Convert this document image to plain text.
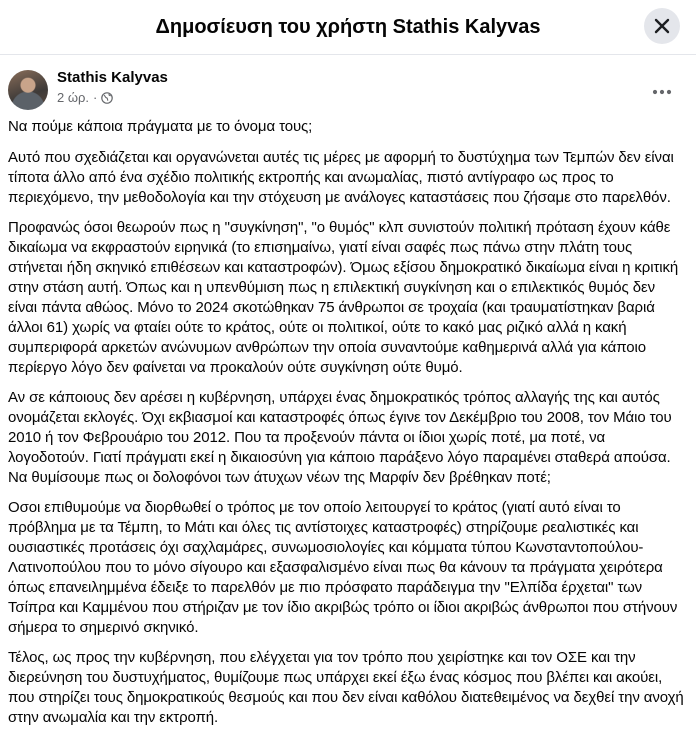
Δημοσίευση του χρήστη Stathis Kalyvas
Stathis Kalyvas
2 ώρ. ·

Να πούμε κάποια πράγματα με το όνομα τους;

Αυτό που σχεδιάζεται και οργανώνεται αυτές τις μέρες με αφορμή το δυστύχημα των Τεμπών δεν είναι τίποτα άλλο από ένα σχέδιο πολιτικής εκτροπής και ανωμαλίας, πιστό αντίγραφο ως προς το περιεχόμενο, την μεθοδολογία και την στόχευση με ανάλογες καταστάσεις που ζήσαμε στο παρελθόν.

Προφανώς όσοι θεωρούν πως η "συγκίνηση", "ο θυμός" κλπ συνιστούν πολιτική πρόταση έχουν κάθε δικαίωμα να εκφραστούν ειρηνικά (το επισημαίνω, γιατί είναι σαφές πως πάνω στην πλάτη τους στήνεται ήδη σκηνικό επιθέσεων και καταστροφών). Όμως εξίσου δημοκρατικό δικαίωμα είναι η κριτική στην στάση αυτή. Όπως και η υπενθύμιση πως η επιλεκτική συγκίνηση και ο επιλεκτικός θυμός δεν είναι πάντα αθώος. Μόνο το 2024 σκοτώθηκαν 75 άνθρωποι σε τροχαία (και τραυματίστηκαν βαριά άλλοι 61) χωρίς να φταίει ούτε το κράτος, ούτε οι πολιτικοί, ούτε το κακό μας ριζικό αλλά η κακή συμπεριφορά αρκετών ανώνυμων ανθρώπων την οποία συναντούμε καθημερινά αλλά για κάποιο περίεργο λόγο δεν φαίνεται να προκαλούν ούτε συγκίνηση ούτε θυμό.

Αν σε κάποιους δεν αρέσει η κυβέρνηση, υπάρχει ένας δημοκρατικός τρόπος αλλαγής της και αυτός ονομάζεται εκλογές. Όχι εκβιασμοί και καταστροφές όπως έγινε τον Δεκέμβριο του 2008, τον Μάιο του 2010 ή τον Φεβρουάριο του 2012. Που τα προξενούν πάντα οι ίδιοι χωρίς ποτέ, μα ποτέ, να λογοδοτούν. Γιατί πράγματι εκεί η δικαιοσύνη για κάποιο παράξενο λόγο παραμένει σταθερά απούσα. Να θυμίσουμε πως οι δολοφόνοι των άτυχων νέων της Μαρφίν δεν βρέθηκαν ποτέ;

Οσοι επιθυμούμε να διορθωθεί ο τρόπος με τον οποίο λειτουργεί το κράτος (γιατί αυτό είναι το πρόβλημα με τα Τέμπη, το Μάτι και όλες τις αντίστοιχες καταστροφές) στηρίζουμε ρεαλιστικές και ουσιαστικές προτάσεις όχι σαχλαμάρες, συνωμοσιολογίες και κόμματα τύπου Κωνσταντοπούλου-Λατινοπούλου που το μόνο σίγουρο και εξασφαλισμένο είναι πως θα κάνουν τα πράγματα χειρότερα όπως επανειλημμένα έδειξε το παρελθόν με πιο πρόσφατο παράδειγμα την "Ελπίδα έρχεται" των Τσίπρα και Καμμένου που στήριζαν με τον ίδιο ακριβώς τρόπο οι ίδιοι ακριβώς άνθρωποι που στήνουν σήμερα το σημερινό σκηνικό.

Τέλος, ως προς την κυβέρνηση, που ελέγχεται για τον τρόπο που χειρίστηκε και τον ΟΣΕ και την διερεύνηση του δυστυχήματος, θυμίζουμε πως υπάρχει εκεί έξω ένας κόσμος που βλέπει και ακούει, που στηρίζει τους δημοκρατικούς θεσμούς και που δεν είναι καθόλου διατεθειμένος να δεχθεί την ανοχή στην ανωμαλία και την εκτροπή.
